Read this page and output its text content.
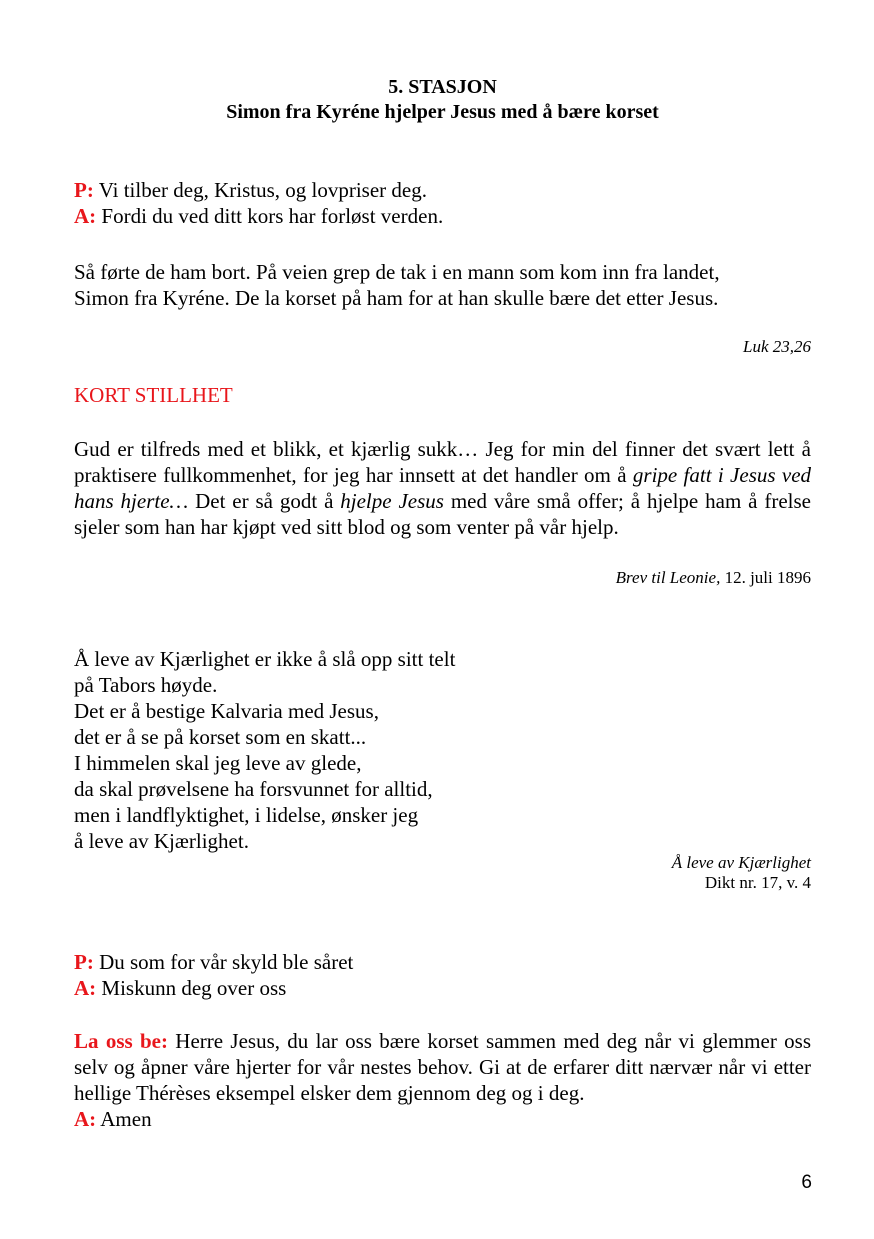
5. STASJON
Simon fra Kyréne hjelper Jesus med å bære korset
P: Vi tilber deg, Kristus, og lovpriser deg.
A: Fordi du ved ditt kors har forløst verden.
Så førte de ham bort. På veien grep de tak i en mann som kom inn fra landet,
Simon fra Kyréne. De la korset på ham for at han skulle bære det etter Jesus.
Luk 23,26
KORT STILLHET
Gud er tilfreds med et blikk, et kjærlig sukk… Jeg for min del finner det svært lett å praktisere fullkommenhet, for jeg har innsett at det handler om å gripe fatt i Jesus ved hans hjerte… Det er så godt å hjelpe Jesus med våre små offer; å hjelpe ham å frelse sjeler som han har kjøpt ved sitt blod og som venter på vår hjelp.
Brev til Leonie, 12. juli 1896
Å leve av Kjærlighet er ikke å slå opp sitt telt
på Tabors høyde.
Det er å bestige Kalvaria med Jesus,
det er å se på korset som en skatt...
I himmelen skal jeg leve av glede,
da skal prøvelsene ha forsvunnet for alltid,
men i landflyktighet, i lidelse, ønsker jeg
å leve av Kjærlighet.
Å leve av Kjærlighet
Dikt nr. 17, v. 4
P: Du som for vår skyld ble såret
A: Miskunn deg over oss
La oss be: Herre Jesus, du lar oss bære korset sammen med deg når vi glemmer oss selv og åpner våre hjerter for vår nestes behov. Gi at de erfarer ditt nærvær når vi etter hellige Thérèses eksempel elsker dem gjennom deg og i deg.
A: Amen
6
